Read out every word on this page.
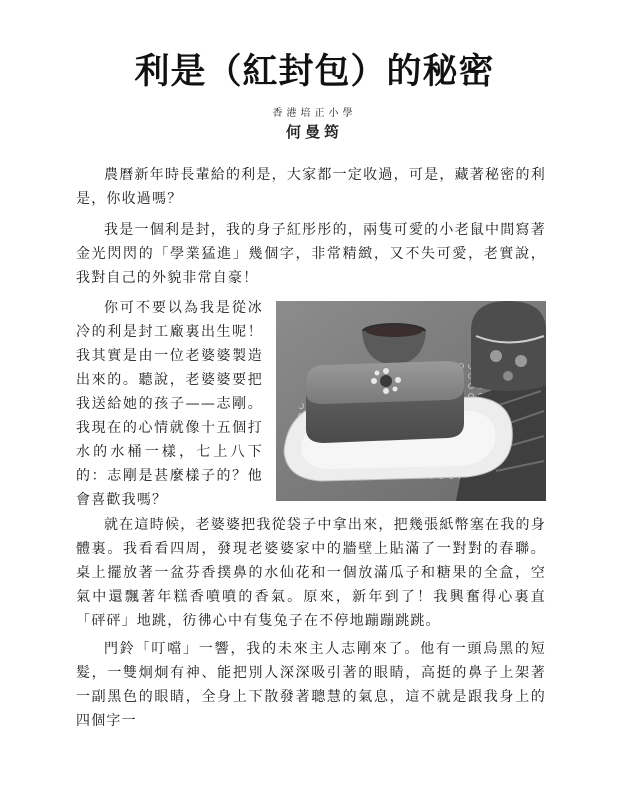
利是（紅封包）的秘密
香港培正小學
何曼筠

農曆新年時長輩給的利是，大家都一定收過，可是，藏著秘密的利是，你收過嗎？

我是一個利是封，我的身子紅彤彤的，兩隻可愛的小老鼠中間寫著金光閃閃的「學業猛進」幾個字，非常精緻，又不失可愛，老實說，我對自己的外貌非常自豪！

你可不要以為我是從冰冷的利是封工廠裏出生呢！我其實是由一位老婆婆製造出來的。聽說，老婆婆要把我送給她的孩子——志剛。我現在的心情就像十五個打水的水桶一樣，七上八下的：志剛是甚麼樣子的？他會喜歡我嗎？

就在這時候，老婆婆把我從袋子中拿出來，把幾張紙幣塞在我的身體裏。我看看四周，發現老婆婆家中的牆壁上貼滿了一對對的春聯。桌上擺放著一盆芬香撲鼻的水仙花和一個放滿瓜子和糖果的全盒，空氣中還飄著年糕香噴噴的香氣。原來，新年到了！我興奮得心裏直「砰砰」地跳，彷彿心中有隻兔子在不停地蹦蹦跳跳。

門鈴「叮噹」一響，我的未來主人志剛來了。他有一頭烏黑的短髮，一雙炯炯有神、能把別人深深吸引著的眼睛，高挺的鼻子上架著一副黑色的眼睛，全身上下散發著聰慧的氣息，這不就是跟我身上的四個字一
